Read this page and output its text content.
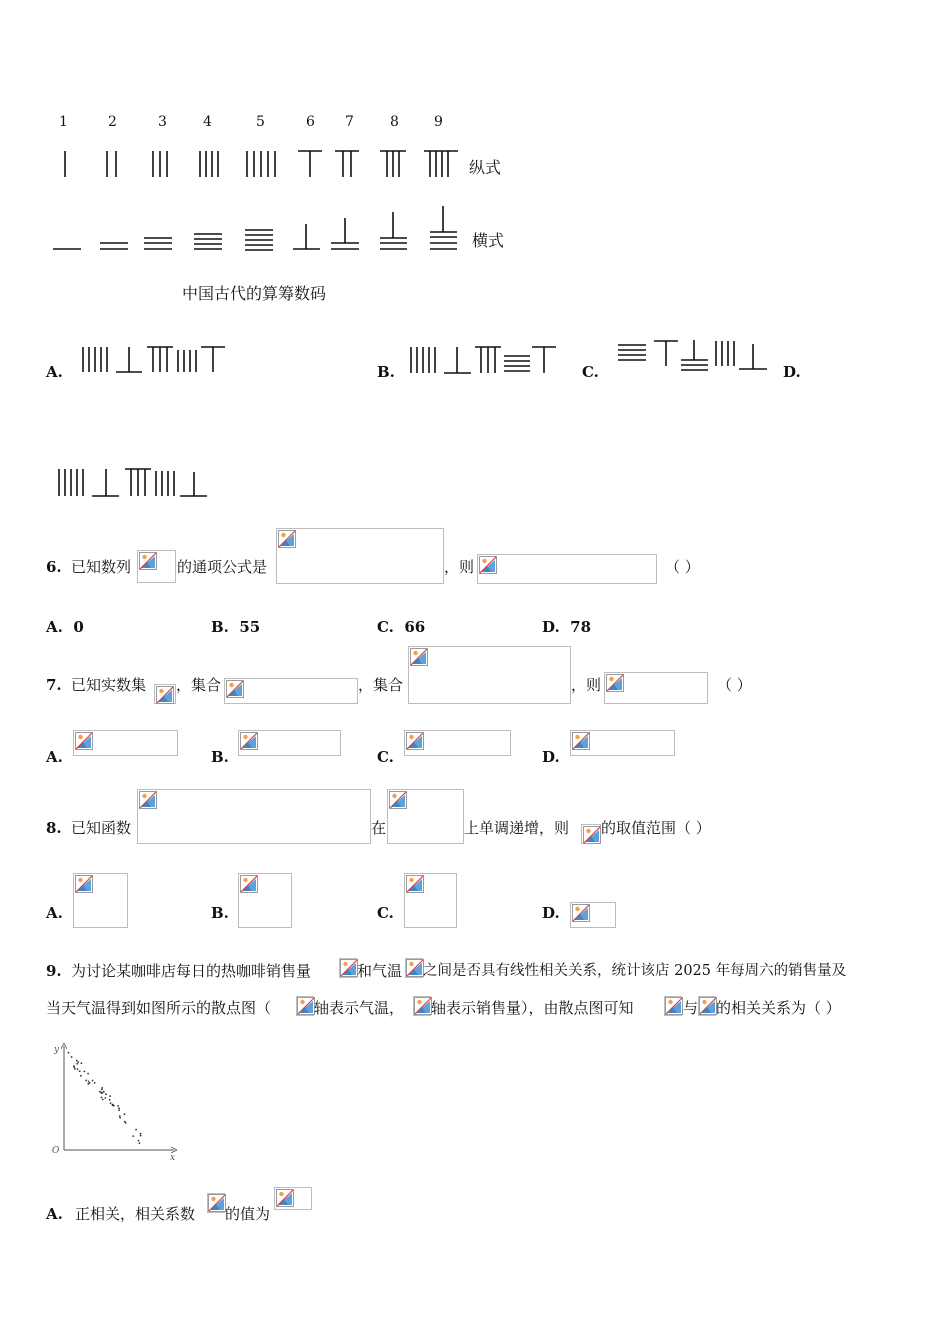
1	2	3	4	5	6 7	8	9
纵式
横式
中国古代的算筹数码
A.	B.	C.	D.
6. 已知数列	的通项公式是	，则	（ ）
A. 0	B. 55	C. 66	D. 78
7. 已知实数集 ，集合	，集合	，则	（ ）
A.	B.	C.	D.
8. 已知函数	在	上单调递增，则 的取值范围（ ）
A.	B.	C.	D.
9. 为讨论某咖啡店每日的热咖啡销售量	和气温 之间是否具有线性相关关系，统计该店 2025 年每周六的销售量及
当天气温得到如图所示的散点图（	轴表示气温， 轴表示销售量），由散点图可知	与 的相关关系为（ ）
y
x
O
A. 正相关，相关系数 的值为
